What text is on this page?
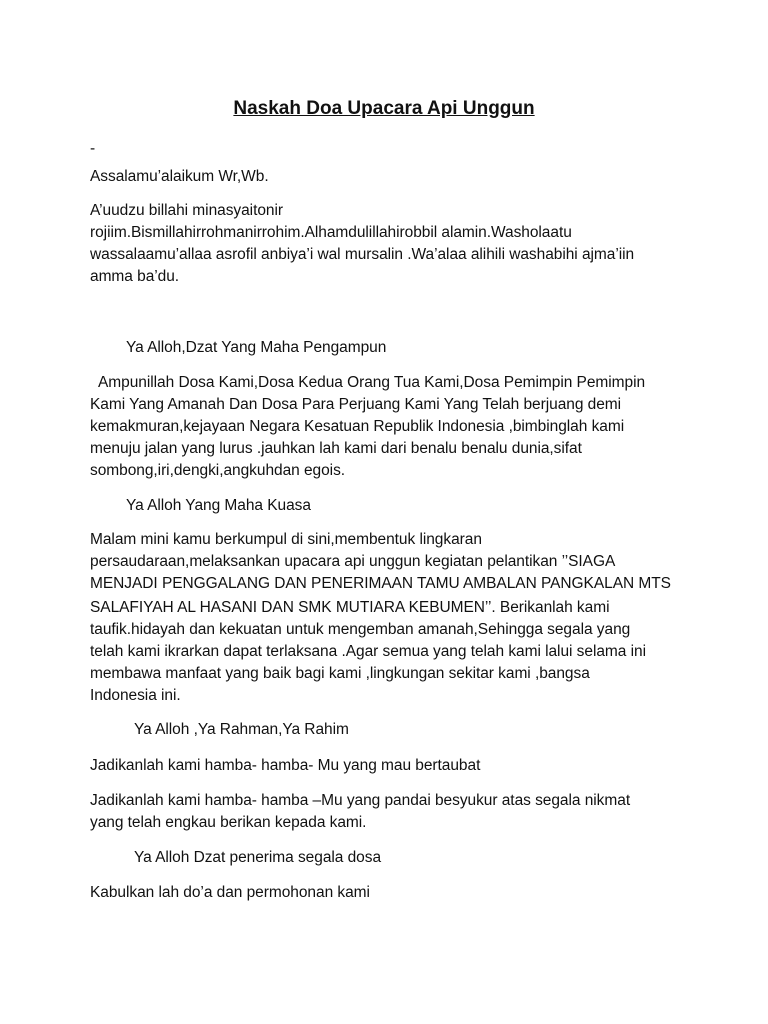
Naskah Doa Upacara Api Unggun
-
Assalamu’alaikum Wr,Wb.
A’uudzu billahi minasyaitonir
rojiim.Bismillahirrohmanirrohim.Alhamdulillahirobbil alamin.Washolaatu
wassalaamu’allaa asrofil anbiya’i wal mursalin .Wa’alaa alihili washabihi ajma’iin
amma ba’du.
Ya Alloh,Dzat Yang Maha Pengampun
Ampunillah Dosa Kami,Dosa Kedua Orang Tua Kami,Dosa Pemimpin Pemimpin
Kami Yang Amanah Dan Dosa Para Perjuang Kami Yang Telah berjuang demi
kemakmuran,kejayaan Negara Kesatuan Republik Indonesia ,bimbinglah kami
menuju jalan yang lurus .jauhkan lah kami dari benalu benalu dunia,sifat
sombong,iri,dengki,angkuhdan egois.
Ya Alloh Yang Maha Kuasa
Malam mini kamu berkumpul di sini,membentuk lingkaran
persaudaraan,melaksankan upacara api unggun kegiatan pelantikan ’’SIAGA
MENJADI PENGGALANG DAN PENERIMAAN TAMU AMBALAN PANGKALAN MTS
SALAFIYAH AL HASANI DAN SMK MUTIARA KEBUMEN’’. Berikanlah kami
taufik.hidayah dan kekuatan untuk mengemban amanah,Sehingga segala yang
telah kami ikrarkan dapat terlaksana .Agar semua yang telah kami lalui selama ini
membawa manfaat yang baik bagi kami ,lingkungan sekitar kami ,bangsa
Indonesia ini.
Ya Alloh ,Ya Rahman,Ya Rahim
Jadikanlah kami hamba- hamba- Mu yang mau bertaubat
Jadikanlah kami hamba- hamba –Mu yang pandai besyukur atas segala nikmat
yang telah engkau berikan kepada kami.
Ya Alloh Dzat penerima segala dosa
Kabulkan lah do’a dan permohonan kami
